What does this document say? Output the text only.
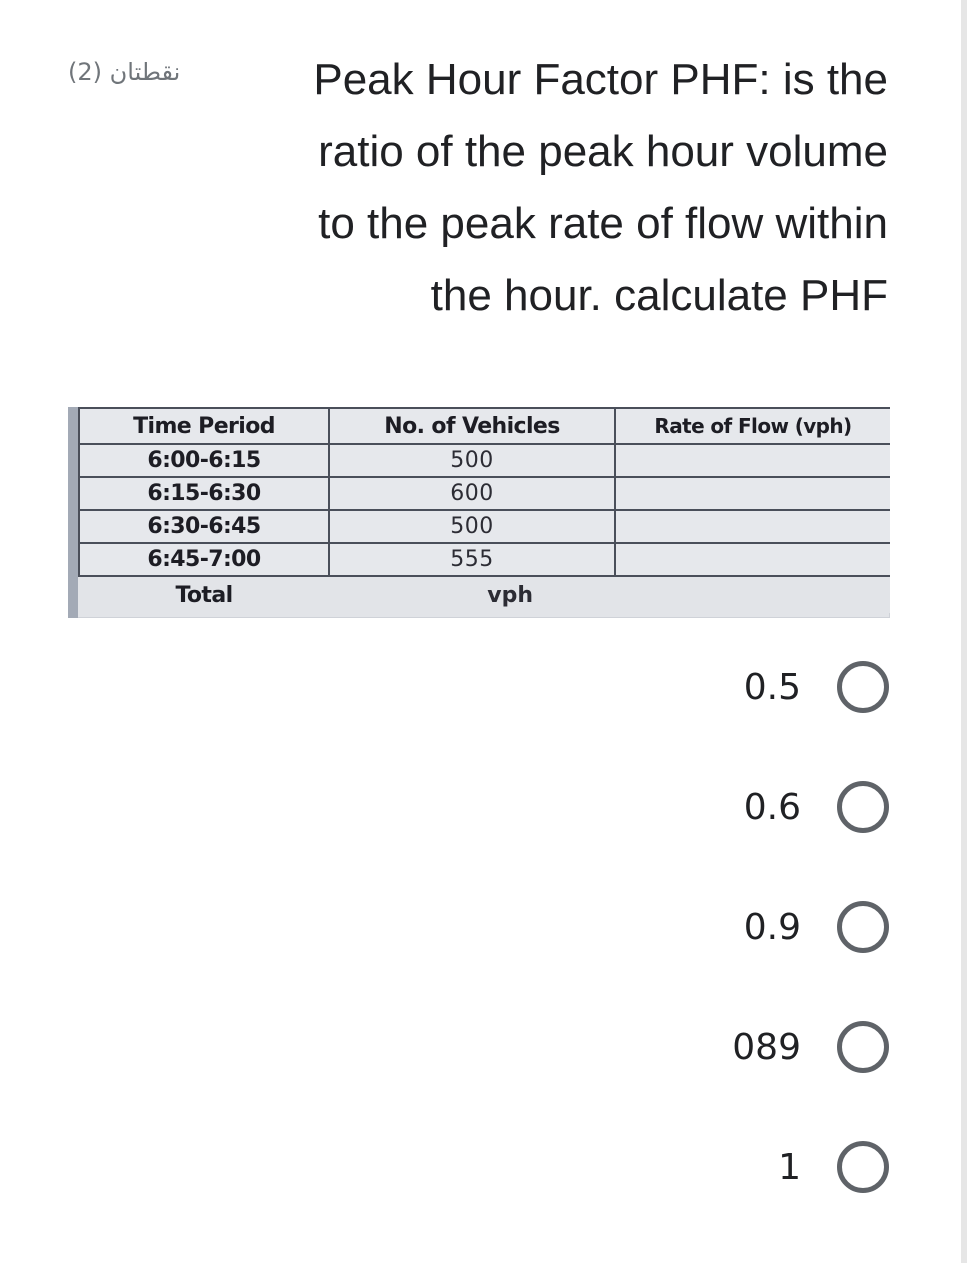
نقطتان (2)	Peak Hour Factor PHF: is the
ratio of the peak hour volume
to the peak rate of flow within
the hour. calculate PHF
Time Period	No. of Vehicles	Rate of Flow (vph)
6:00-6:15	500	
6:15-6:30	600	
6:30-6:45	500	
6:45-7:00	555	
Total	vph	
0.5
0.6
0.9
089
1
